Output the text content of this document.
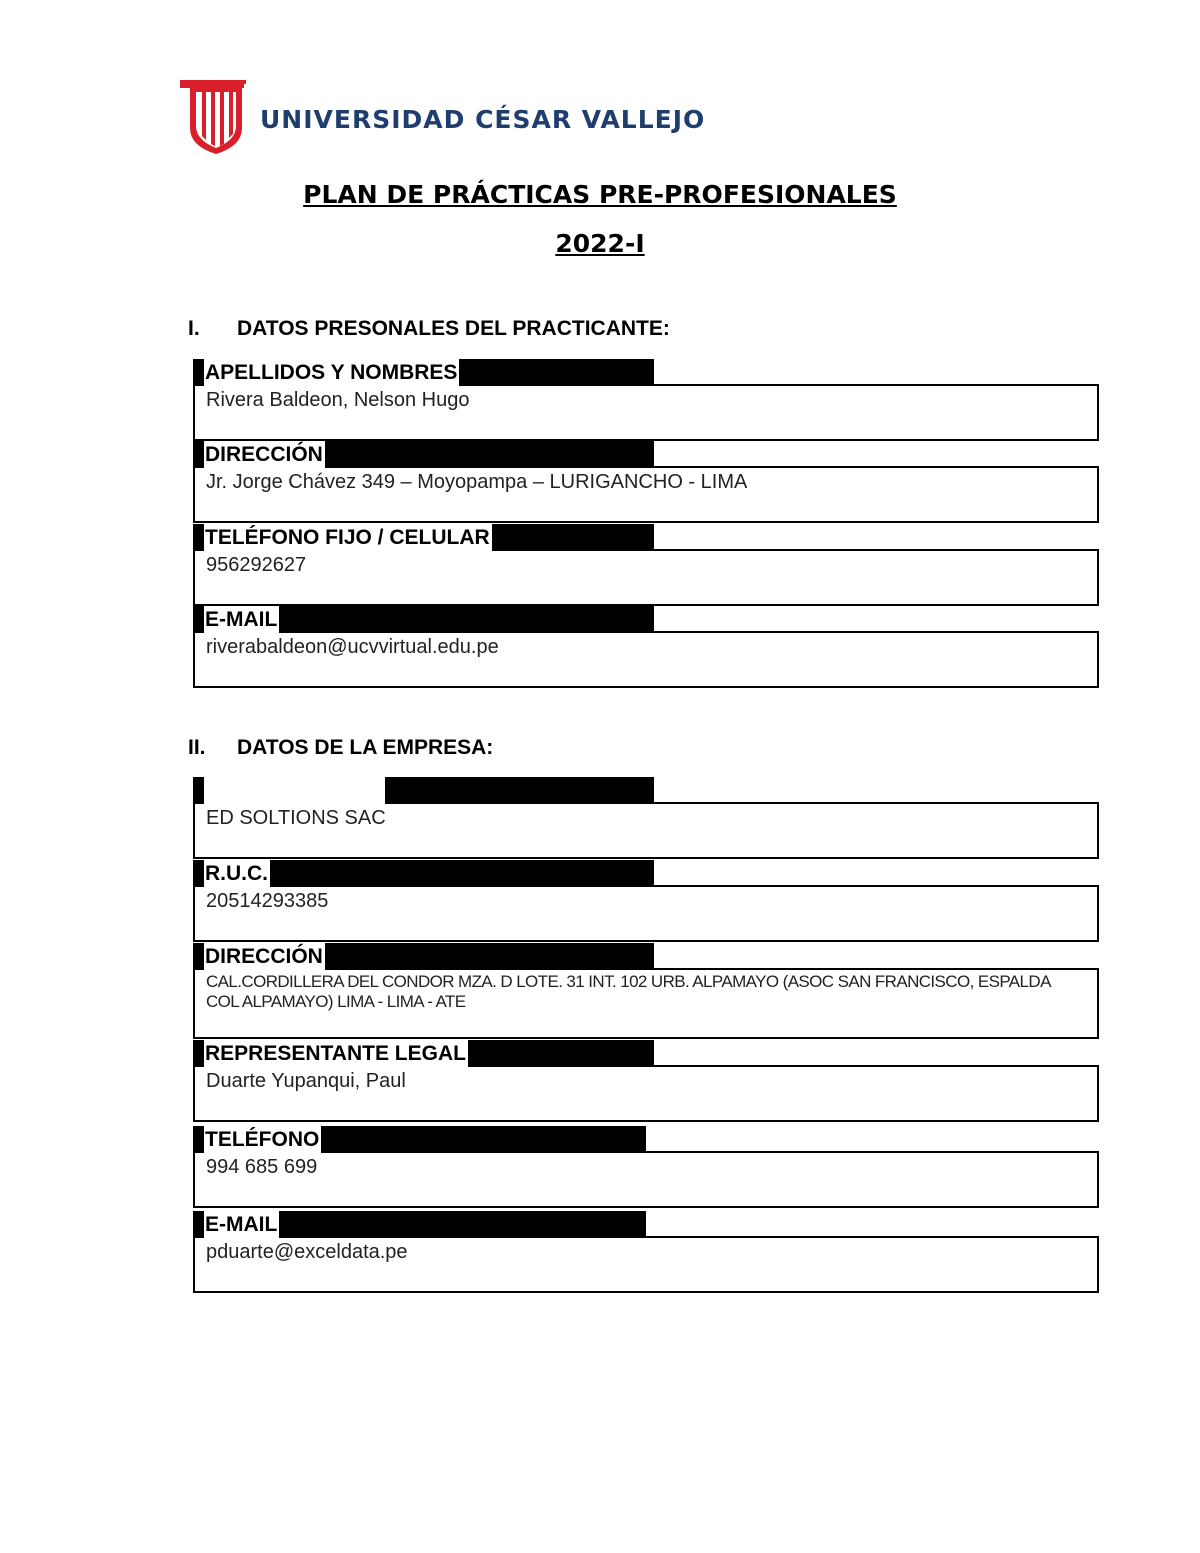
UNIVERSIDAD CÉSAR VALLEJO
PLAN DE PRÁCTICAS PRE-PROFESIONALES
2022-I
I. DATOS PRESONALES DEL PRACTICANTE:
APELLIDOS Y NOMBRES
Rivera Baldeon, Nelson Hugo
DIRECCIÓN
Jr. Jorge Chávez 349 – Moyopampa – LURIGANCHO - LIMA
TELÉFONO FIJO / CELULAR
956292627
E-MAIL
riverabaldeon@ucvvirtual.edu.pe
II. DATOS DE LA EMPRESA:
ED SOLTIONS SAC
R.U.C.
20514293385
DIRECCIÓN
CAL.CORDILLERA DEL CONDOR MZA. D LOTE. 31 INT. 102 URB. ALPAMAYO (ASOC SAN FRANCISCO, ESPALDA COL ALPAMAYO) LIMA - LIMA - ATE
REPRESENTANTE LEGAL
Duarte Yupanqui, Paul
TELÉFONO
994 685 699
E-MAIL
pduarte@exceldata.pe
